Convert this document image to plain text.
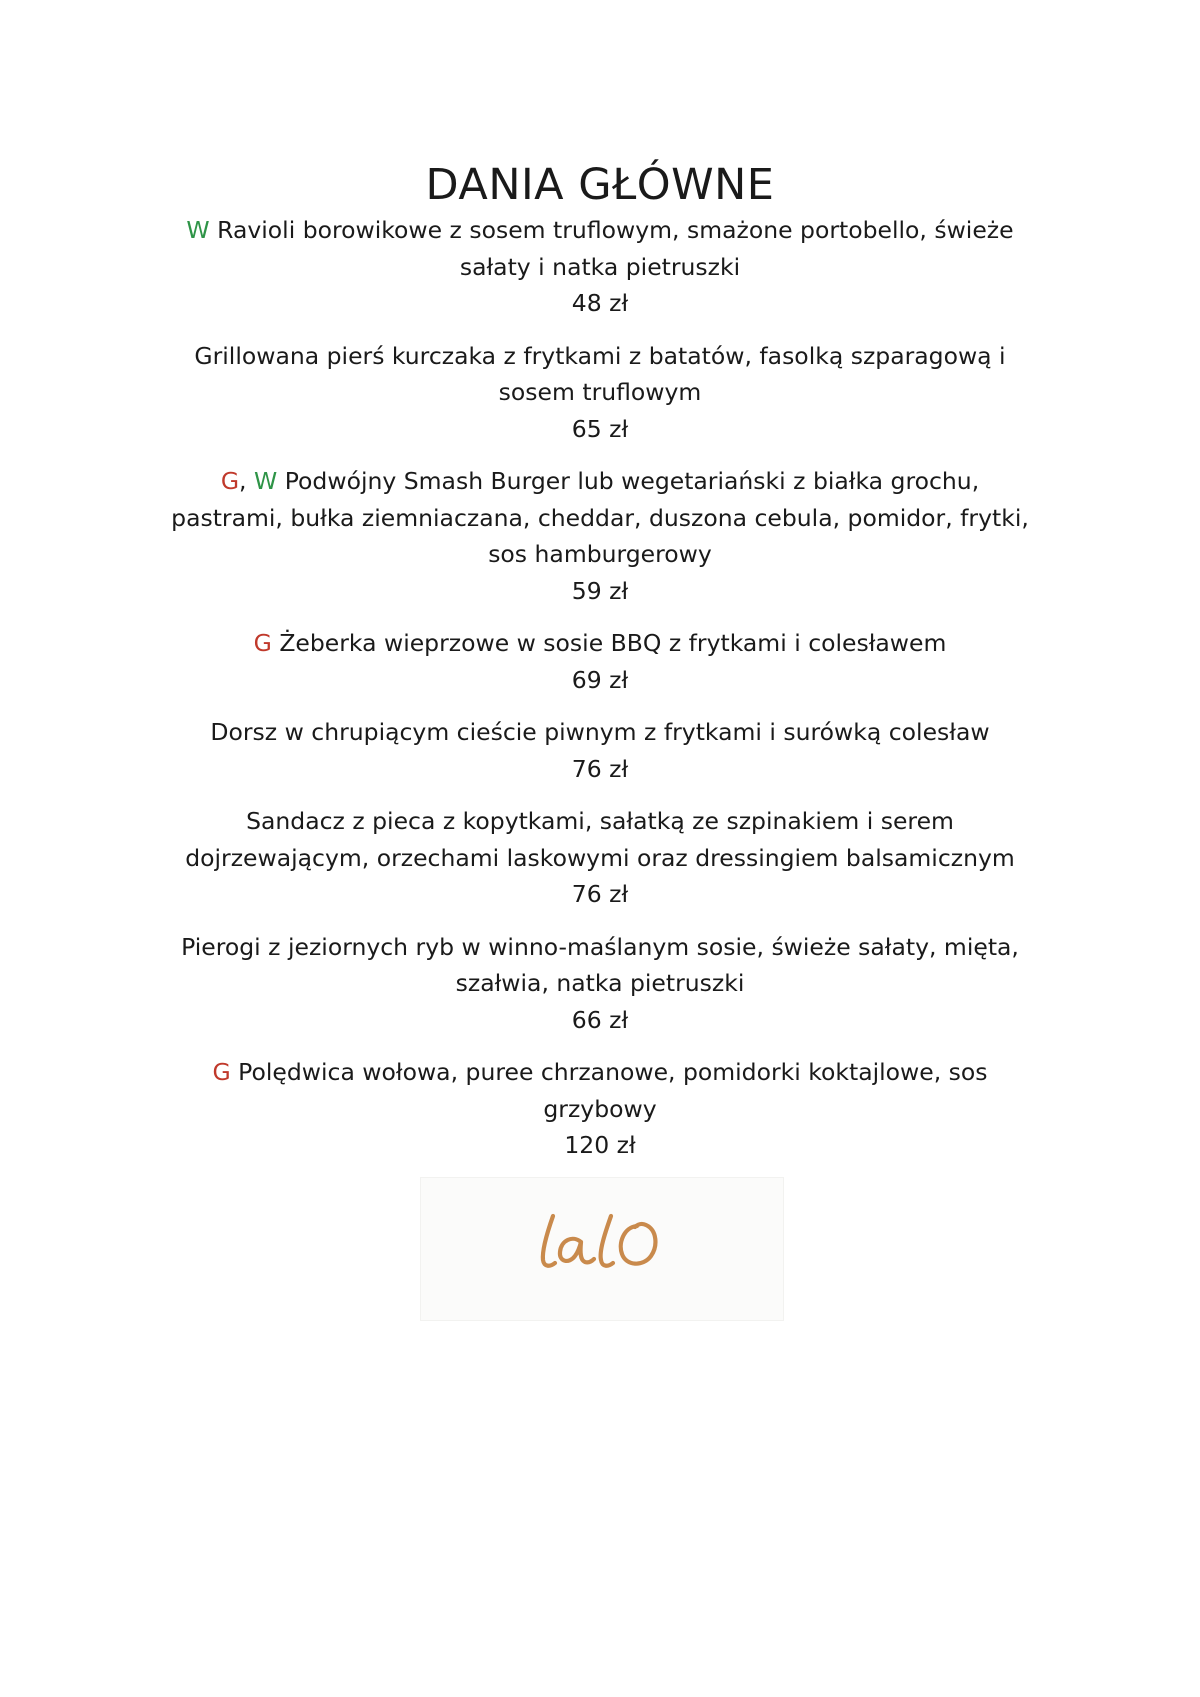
DANIA GŁÓWNE
W Ravioli borowikowe z sosem truflowym, smażone portobello, świeże
sałaty i natka pietruszki
48 zł
Grillowana pierś kurczaka z frytkami z batatów, fasolką szparagową i
sosem truflowym
65 zł
G, W Podwójny Smash Burger lub wegetariański z białka grochu,
pastrami, bułka ziemniaczana, cheddar, duszona cebula, pomidor, frytki,
sos hamburgerowy
59 zł
G Żeberka wieprzowe w sosie BBQ z frytkami i colesławem
69 zł
Dorsz w chrupiącym cieście piwnym z frytkami i surówką colesław
76 zł
Sandacz z pieca z kopytkami, sałatką ze szpinakiem i serem
dojrzewającym, orzechami laskowymi oraz dressingiem balsamicznym
76 zł
Pierogi z jeziornych ryb w winno-maślanym sosie, świeże sałaty, mięta,
szałwia, natka pietruszki
66 zł
G Polędwica wołowa, puree chrzanowe, pomidorki koktajlowe, sos
grzybowy
120 zł
